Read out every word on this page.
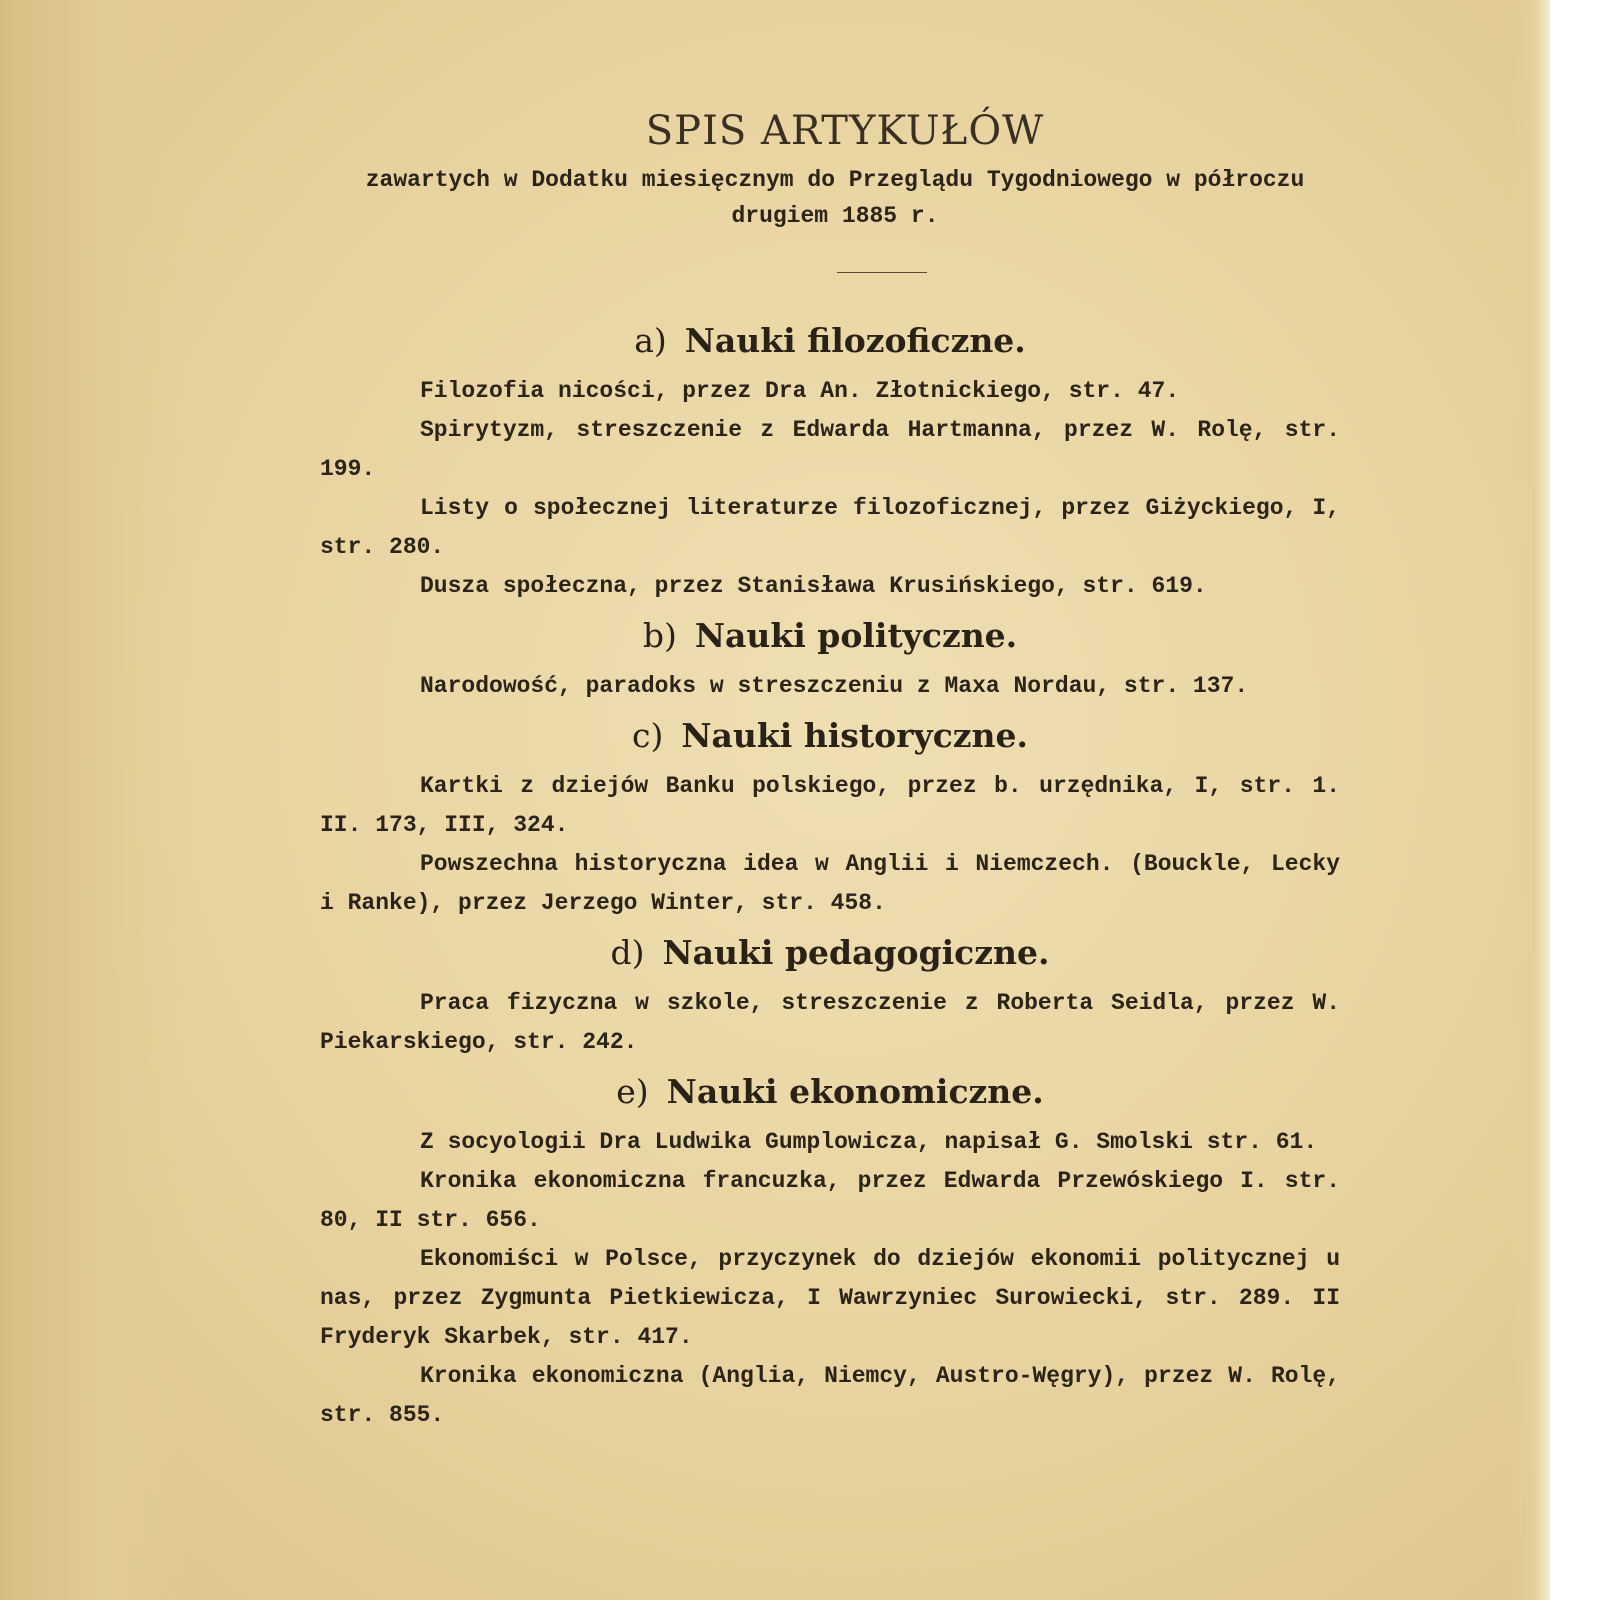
SPIS ARTYKUŁÓW

zawartych w Dodatku miesięcznym do Przeglądu Tygodniowego w półroczu drugiem 1885 r.

a) Nauki filozoficzne.

Filozofia nicości, przez Dra An. Złotnickiego, str. 47.

Spirytyzm, streszczenie z Edwarda Hartmanna, przez W. Rolę, str. 199.

Listy o społecznej literaturze filozoficznej, przez Giżyckiego, I, str. 280.

Dusza społeczna, przez Stanisława Krusińskiego, str. 619.

b) Nauki polityczne.

Narodowość, paradoks w streszczeniu z Maxa Nordau, str. 137.

c) Nauki historyczne.

Kartki z dziejów Banku polskiego, przez b. urzędnika, I, str. 1. II. 173, III, 324.

Powszechna historyczna idea w Anglii i Niemczech. (Bouckle, Lecky i Ranke), przez Jerzego Winter, str. 458.

d) Nauki pedagogiczne.

Praca fizyczna w szkole, streszczenie z Roberta Seidla, przez W. Piekarskiego, str. 242.

e) Nauki ekonomiczne.

Z socyologii Dra Ludwika Gumplowicza, napisał G. Smolski str. 61.

Kronika ekonomiczna francuzka, przez Edwarda Przewóskiego I. str. 80, II str. 656.

Ekonomiści w Polsce, przyczynek do dziejów ekonomii politycznej u nas, przez Zygmunta Pietkiewicza, I Wawrzyniec Surowiecki, str. 289. II Fryderyk Skarbek, str. 417.

Kronika ekonomiczna (Anglia, Niemcy, Austro-Węgry), przez W. Rolę, str. 855.
